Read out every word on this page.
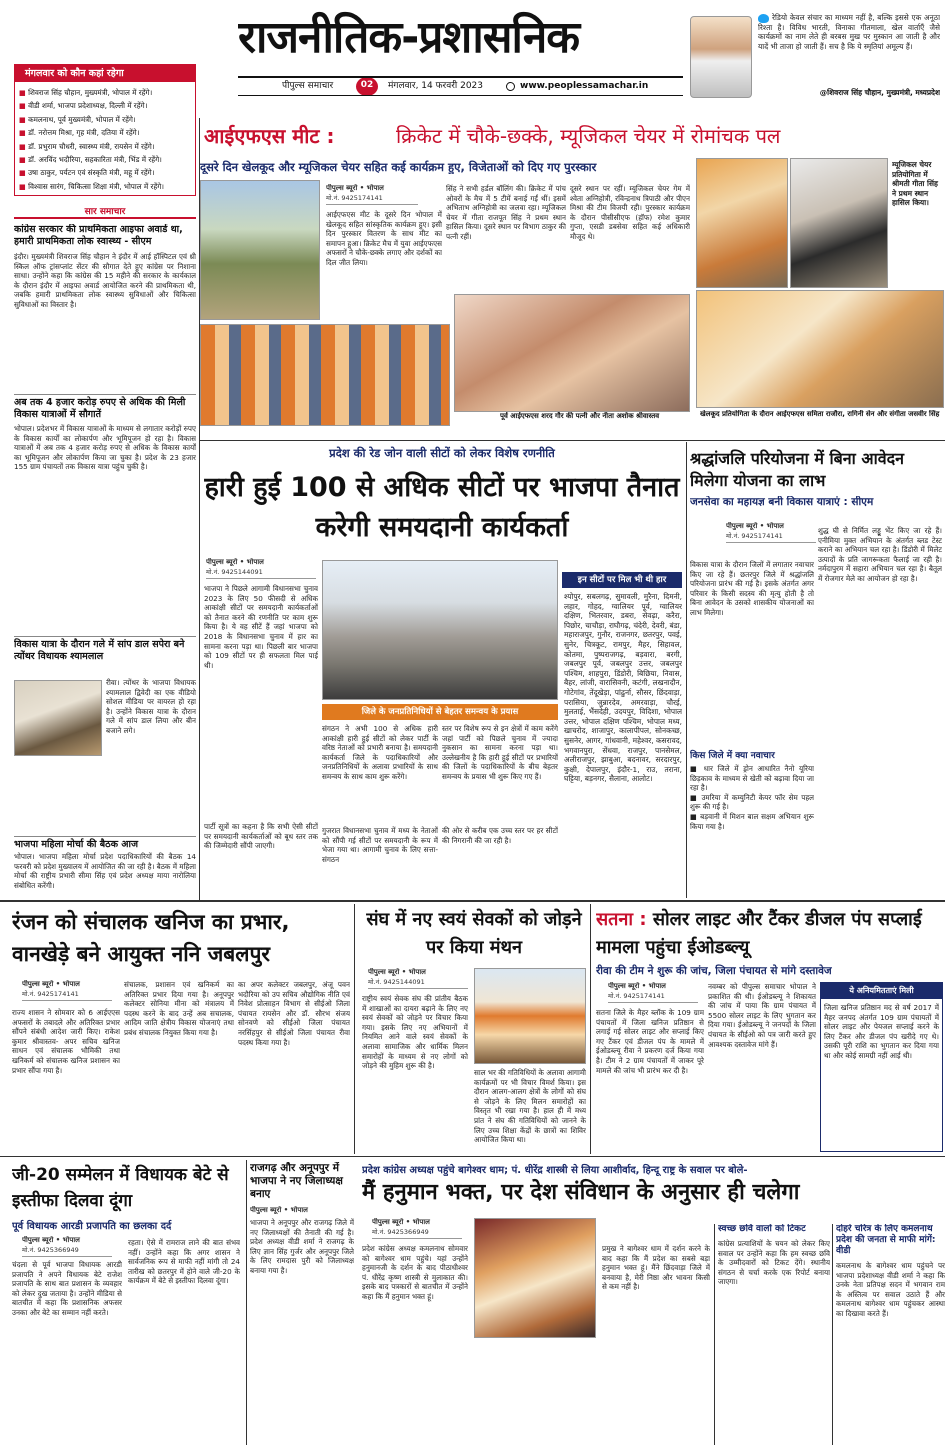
राजनीतिक-प्रशासनिक
पीपुल्स समाचार	02	मंगलवार, 14 फरवरी 2023	www.peoplessamachar.in
रेडियो केवल संचार का माध्यम नहीं है, बल्कि इससे एक अनूठा रिश्ता है। विविध भारती, विनाका गीतमाला, खेल वार्ताएँ जैसे कार्यक्रमों का नाम लेते ही बरबस मुख पर मुस्कान आ जाती है और यादें भी ताजा हो जाती हैं। सच है कि ये स्मृतियां अमूल्य हैं।
@शिवराज सिंह चौहान, मुख्यमंत्री, मध्यप्रदेश
मंगलवार को कौन कहां रहेगा
■ शिवराज सिंह चौहान, मुख्यमंत्री, भोपाल में रहेंगे।
■ वीडी शर्मा, भाजपा प्रदेशाध्यक्ष, दिल्ली में रहेंगे।
■ कमलनाथ, पूर्व मुख्यमंत्री, भोपाल में रहेंगे।
■ डॉ. नरोत्तम मिश्रा, गृह मंत्री, दतिया में रहेंगे।
■ डॉ. प्रभुराम चौधरी, स्वास्थ्य मंत्री, रायसेन में रहेंगे।
■ डॉ. अरविंद भदौरिया, सहकारिता मंत्री, भिंड में रहेंगे।
■ उषा ठाकुर, पर्यटन एवं संस्कृति मंत्री, महू में रहेंगे।
■ विश्वास सारंग, चिकित्सा शिक्षा मंत्री, भोपाल में रहेंगे।
सार समाचार
कांग्रेस सरकार की प्राथमिकता आइफा अवार्ड था, हमारी प्राथमिकता लोक स्वास्थ्य - सीएम
इंदौर। मुख्यमंत्री शिवराज सिंह चौहान ने इंदौर में आई हॉस्पिटल एवं थ्री स्किल ऑफ ट्रांसप्लांट सेंटर की सौगात देते हुए कांग्रेस पर निशाना साधा। उन्होंने कहा कि कांग्रेस की 15 महीने की सरकार के कार्यकाल के दौरान इंदौर में आइफा अवार्ड आयोजित करने की प्राथमिकता थी, जबकि हमारी प्राथमिकता लोक स्वास्थ्य सुविधाओं और चिकित्सा सुविधाओं का विस्तार है।
अब तक 4 हजार करोड़ रुपए से अधिक की मिली विकास यात्राओं में सौगातें
भोपाल। प्रदेशभर में विकास यात्राओं के माध्यम से लगातार करोड़ों रुपए के विकास कार्यों का लोकार्पण और भूमिपूजन हो रहा है। विकास यात्राओं में अब तक 4 हजार करोड़ रुपए से अधिक के विकास कार्यों का भूमिपूजन और लोकार्पण किया जा चुका है। प्रदेश के 23 हजार 155 ग्राम पंचायतों तक विकास यात्रा पहुंच चुकी है।
विकास यात्रा के दौरान गले में सांप डाल सपेरा बने त्योंथर विधायक श्यामलाल
रीवा। त्योंथर के भाजपा विधायक श्यामलाल द्विवेदी का एक वीडियो सोशल मीडिया पर वायरल हो रहा है। उन्होंने विकास यात्रा के दौरान गले में सांप डाल लिया और बीन बजाने लगे।
भाजपा महिला मोर्चा की बैठक आज
भोपाल। भाजपा महिला मोर्चा प्रदेश पदाधिकारियों की बैठक 14 फरवरी को प्रदेश मुख्यालय में आयोजित की जा रही है। बैठक में महिला मोर्चा की राष्ट्रीय प्रभारी सीमा सिंह एवं प्रदेश अध्यक्ष माया नारोलिया संबोधित करेंगी।
आईएफएस मीट :	क्रिकेट में चौके-छक्के, म्यूजिकल चेयर में रोमांचक पल
दूसरे दिन खेलकूद और म्यूजिकल चेयर सहित कई कार्यक्रम हुए, विजेताओं को दिए गए पुरस्कार
पीपुल्स ब्यूरो • भोपाल
मो.नं. 9425174141
आईएफएस मीट के दूसरे दिन भोपाल में खेलकूद सहित सांस्कृतिक कार्यक्रम हुए। इसी दिन पुरस्कार वितरण के साथ मीट का समापन हुआ। क्रिकेट मैच में युवा आईएफएस अफसरों ने चौके-छक्के लगाए और दर्शकों का दिल जीत लिया।
सिंह ने सभी हर्डल बॉलिंग की। क्रिकेट में पांच ओवरों के मैच में 5 टीमें बनाई गईं थीं। इसमें अभिताभ अग्निहोत्री का जलवा रहा। म्यूजिकल चेयर में गीता राजपूत सिंह ने प्रथम स्थान हासिल किया। दूसरे स्थान पर विभाग ठाकुर की पत्नी रहीं।
दूसरे स्थान पर रहीं। म्यूजिकल चेयर गेम में श्वेता अग्निहोत्री, रविन्द्रनाथ त्रिपाठी और पीएन मिश्रा की टीम विजयी रही। पुरस्कार कार्यक्रम के दौरान पीसीसीएफ (हॉफ) रमेश कुमार गुप्ता, एसडी डबसेवा सहित कई अधिकारी मौजूद थे।
म्यूजिकल चेयर प्रतियोगिता में श्रीमती गीता सिंह ने प्रथम स्थान हासिल किया।
पूर्व आईएफएस शरद गौर की पत्नी और नीता अशोक श्रीवास्तव	खेलकूद प्रतियोगिता के दौरान आईएफएस समिता राजौरा, रागिनी सेन और संगीता जसवीर सिंह
प्रदेश की रेड जोन वाली सीटों को लेकर विशेष रणनीति
हारी हुई 100 से अधिक सीटों पर भाजपा तैनात करेगी समयदानी कार्यकर्ता
पीपुल्स ब्यूरो • भोपाल
मो.नं. 9425144091
भाजपा ने पिछले आगामी विधानसभा चुनाव 2023 के लिए 50 फीसदी से अधिक आकांक्षी सीटों पर समयदानी कार्यकर्ताओं को तैनात करने की रणनीति पर काम शुरू किया है। ये वह सीटें हैं जहां भाजपा को 2018 के विधानसभा चुनाव में हार का सामना करना पड़ा था। पिछली बार भाजपा को 109 सीटों पर ही सफलता मिल पाई थी।
पार्टी सूत्रों का कहना है कि सभी ऐसी सीटों पर समयदानी कार्यकर्ताओं को बूथ स्तर तक की जिम्मेदारी सौंपी जाएगी।
जिले के जनप्रतिनिधियों से बेहतर समन्वय के प्रयास
संगठन ने अभी 100 से अधिक हारी आकांक्षी हारी हुई सीटों को लेकर पार्टी के वरिष्ठ नेताओं को प्रभारी बनाया है। समयदानी कार्यकर्ता जिले के पदाधिकारियों और जनप्रतिनिधियों के अलावा प्रभारियों के साथ समन्वय के साथ काम शुरू करेंगे।
स्तर पर विशेष रूप से इन क्षेत्रों में काम करेंगे जहां पार्टी को पिछले चुनाव में ज्यादा नुकसान का सामना करना पड़ा था। उल्लेखनीय है कि हारी हुई सीटों पर प्रभारियों की जिलों के पदाधिकारियों के बीच बेहतर समन्वय के प्रयास भी शुरू किए गए हैं।
गुजरात विधानसभा चुनाव में मध्य के नेताओं को सौंपी गई सीटों पर समयदानी के रूप में भेजा गया था। आगामी चुनाव के लिए सत्ता-संगठन
की ओर से करीब एक उच्च स्तर पर हर सीटों की निगरानी की जा रही है।
इन सीटों पर मिल भी थी हार
श्योपुर, सबलगढ़, सुमावली, मुरैना, दिमनी, लहार, गोहद, ग्वालियर पूर्व, ग्वालियर दक्षिण, भितरवार, डबरा, सेवढ़ा, करैरा, पिछोर, चाचौड़ा, राघौगढ़, चंदेरी, देवरी, बंडा, महाराजपुर, गुनौर, राजनगर, छतरपुर, पवई, सुनेर, चित्रकूट, रामपुर, मैहर, सिहावल, कोतमा, पुष्पराजगढ़, बड़वारा, बरगी, जबलपुर पूर्व, जबलपुर उत्तर, जबलपुर पश्चिम, शाहपुरा, डिंडोरी, बिछिया, निवास, बैहर, लांजी, वारासिवनी, कटंगी, लखनादौन, गोटेगांव, तेंदूखेड़ा, पांढुर्ना, सौसर, छिंदवाड़ा, परासिया, जुन्नारदेव, अमरवाड़ा, चौरई, मुलताई, भैंसदेही, उदयपुर, विदिशा, भोपाल उत्तर, भोपाल दक्षिण पश्चिम, भोपाल मध्य, खाचरोद, शाजापुर, कालापीपल, सोनकच्छ, सुसनेर, आगर, गांधवानी, महेश्वर, कसरावद, भगवानपुरा, सेंधवा, राजपुर, पानसेमल, अलीराजपुर, झाबुआ, बदनावर, सरदारपुर, कुक्षी, देपालपुर, इंदौर-1, राउ, तराना, घट्टिया, बड़नगर, सैलाना, आलोट।
श्रद्धांजलि परियोजना में बिना आवेदन मिलेगा योजना का लाभ
जनसेवा का महायज्ञ बनी विकास यात्राएं : सीएम
पीपुल्स ब्यूरो • भोपाल
मो.नं. 9425174141
विकास यात्रा के दौरान जिलों में लगातार नवाचार किए जा रहे हैं। छतरपुर जिले में श्रद्धांजलि परियोजना प्रारंभ की गई है। इसके अंतर्गत अगर परिवार के किसी सदस्य की मृत्यु होती है तो बिना आवेदन के उसको शासकीय योजनाओं का लाभ मिलेगा।
किस जिले में क्या नवाचार
■ धार जिले में ड्रोन आधारित नैनो यूरिया छिड़काव के माध्यम से खेती को बढ़ावा दिया जा रहा है।
■ उमरिया में कम्युनिटी केयर फॉर सेम पहल शुरू की गई है।
■ बड़वानी में मिशन बाल सक्षम अभियान शुरू किया गया है।
शुद्ध घी से निर्मित लड्डू भेंट किए जा रहे हैं। एनीमिया मुक्त अभियान के अंतर्गत ब्लड टेस्ट कराने का अभियान चल रहा है। डिंडोरी में मिलेट उत्पादों के प्रति जागरूकता फैलाई जा रही है। नर्मदापुरम में सहारा अभियान चल रहा है। बैतूल में रोजगार मेले का आयोजन हो रहा है।
रंजन को संचालक खनिज का प्रभार, वानखेड़े बने आयुक्त ननि जबलपुर
पीपुल्स ब्यूरो • भोपाल
मो.नं. 9425174141
राज्य शासन ने सोमवार को 6 आईएएस अफसरों के तबादले और अतिरिक्त प्रभार सौंपने संबंधी आदेश जारी किए। राकेश कुमार श्रीवास्तव- अपर सचिव खनिज साधन एवं संचालक भौमिकी तथा खनिकर्म को संचालक खनिज प्रशासन का प्रभार सौंपा गया है।
संचालक, प्रशासन एवं खनिकर्म का अतिरिक्त प्रभार दिया गया है। अनूपपुर कलेक्टर सोनिया मीना को मंत्रालय में पदस्थ करने के बाद उन्हें अब सचालक, आदिम जाति क्षेत्रीय विकास योजनाएं तथा प्रबंध संचालक नियुक्त किया गया है।
का अपर कलेक्टर जबलपुर, अंजू पवन भदौरिया को उप सचिव औद्योगिक नीति एवं निवेश प्रोत्साहन विभाग से सीईओ जिला पंचायत रायसेन और डॉ. सौरभ संजय सोनवणे को सीईओ जिला पंचायत नरसिंहपुर से सीईओ जिला पंचायत रीवा पदस्थ किया गया है।
संघ में नए स्वयं सेवकों को जोड़ने पर किया मंथन
पीपुल्स ब्यूरो • भोपाल
मो.नं. 9425144091
राष्ट्रीय स्वयं सेवक संघ की प्रांतीय बैठक में शाखाओं का दायरा बढ़ाने के लिए नए स्वयं सेवकों को जोड़ने पर विचार किया गया। इसके लिए नए अभियानों में नियमित आने वाले स्वयं सेवकों के अलावा सामाजिक और धार्मिक मिलन समारोहों के माध्यम से नए लोगों को जोड़ने की मुहिम शुरू की है।
साल भर की गतिविधियों के अलावा आगामी कार्यक्रमों पर भी विचार विमर्श किया। इस दौरान आलग-आलग क्षेत्रों के लोगों को संघ से जोड़ने के लिए मिलन समारोहों का विस्तृत भी रखा गया है। हाल ही में मध्य प्रांत ने संघ की गतिविधियों को जानने के लिए उच्च शिक्षा केंद्रों के छात्रों का शिविर आयोजित किया था।
सतना : सोलर लाइट और टैंकर डीजल पंप सप्लाई मामला पहुंचा ईओडब्ल्यू
रीवा की टीम ने शुरू की जांच, जिला पंचायत से मांगे दस्तावेज
पीपुल्स ब्यूरो • भोपाल
मो.नं. 9425174141
सतना जिले के मैहर ब्लॉक के 109 ग्राम पंचायतों में जिला खनिज प्रतिष्ठान से लगाई गई सोलर लाइट और सप्लाई किए गए टैंकर एवं डीजल पंप के मामले में ईओडब्ल्यू रीवा ने प्रकरण दर्ज किया गया है। टीम ने 2 ग्राम पंचायतों में जाकर पूरे मामले की जांच भी प्रारंभ कर दी है।
नवम्बर को पीपुल्स समाचार भोपाल ने प्रकाशित की थी। ईओडब्ल्यू ने शिकायत की जांच में पाया कि ग्राम पंचायत में 5500 सोलर लाइट के लिए भुगतान कर दिया गया। ईओडब्ल्यू ने जनपदों के जिला पंचायत के सीईओ को पत्र जारी करते हुए आवश्यक दस्तावेज मांगे हैं।
ये अनियमितताएं मिली
जिला खनिज प्रतिष्ठान मद से वर्ष 2017 में मैहर जनपद अंतर्गत 109 ग्राम पंचायतों में सोलर लाइट और पेयजल सप्लाई करने के लिए टैंकर और डीजल पंप खरीदे गए थे। उसकी पूरी राशि का भुगतान कर दिया गया था और कोई सामग्री नहीं आई थी।
जी-20 सम्मेलन में विधायक बेटे से इस्तीफा दिलवा दूंगा
पूर्व विधायक आरडी प्रजापति का छलका दर्द
पीपुल्स ब्यूरो • भोपाल
मो.नं. 9425366949
चंदला से पूर्व भाजपा विधायक आरडी प्रजापति ने अपने विधायक बेटे राजेश प्रजापति के साथ बात प्रशासन के व्यवहार को लेकर दुख जताया है। उन्होंने मीडिया से बातचीत में कहा कि प्रशासनिक अफसर उनका और बेटे का सम्मान नहीं करते।
रहता। ऐसे में रामराज लाने की बात संभव नहीं। उन्होंने कहा कि अगर शासन ने सार्वजनिक रूप से माफी नहीं मांगी तो 24 तारीख को छतरपुर में होने वाले जी-20 के कार्यक्रम में बेटे से इस्तीफा दिलवा दूंगा।
राजगढ़ और अनूपपुर में भाजपा ने नए जिलाध्यक्ष बनाए
पीपुल्स ब्यूरो • भोपाल
भाजपा ने अनूपपुर और राजगढ़ जिले में नए जिलाध्यक्षों की तैनाती की गई है। प्रदेश अध्यक्ष वीडी शर्मा ने राजगढ़ के लिए ज्ञान सिंह गुर्जर और अनूपपुर जिले के लिए रामदास पुरी को जिलाध्यक्ष बनाया गया है।
प्रदेश कांग्रेस अध्यक्ष पहुंचे बागेश्वर धाम; पं. धीरेंद्र शास्त्री से लिया आशीर्वाद, हिन्दू राष्ट्र के सवाल पर बोले-
मैं हनुमान भक्त, पर देश संविधान के अनुसार ही चलेगा
पीपुल्स ब्यूरो • भोपाल
मो.नं. 9425366949
प्रदेश कांग्रेस अध्यक्ष कमलनाथ सोमवार को बागेश्वर धाम पहुंचे। यहां उन्होंने हनुमानजी के दर्शन के बाद पीठाधीश्वर पं. धीरेंद्र कृष्ण शास्त्री से मुलाकात की। इसके बाद पत्रकारों से बातचीत में उन्होंने कहा कि मैं हनुमान भक्त हूं।
प्रमुख ने बागेश्वर धाम में दर्शन करने के बाद कहा कि मैं प्रदेश का सबसे बड़ा हनुमान भक्त हूं। मैंने छिंदवाड़ा जिले में बनवाया है, मेरी निष्ठा और भावना किसी से कम नहीं है।
स्वच्छ छवि वालों को टिकट
कांग्रेस प्रत्याशियों के चयन को लेकर किए सवाल पर उन्होंने कहा कि हम स्वच्छ छवि के उम्मीदवारों को टिकट देंगे। स्थानीय संगठन से चर्चा करके एक रिपोर्ट बनाया जाएगा।
दोहरे चरित्र के लिए कमलनाथ प्रदेश की जनता से माफी मांगें: वीडी
कमलनाथ के बागेश्वर धाम पहुंचने पर भाजपा प्रदेशाध्यक्ष वीडी शर्मा ने कहा कि उनके नेता प्रतिपक्ष सदन में भगवान राम के अस्तित्व पर सवाल उठाते हैं और कमलनाथ बागेश्वर धाम पहुंचकर आस्था का दिखावा करते हैं।
